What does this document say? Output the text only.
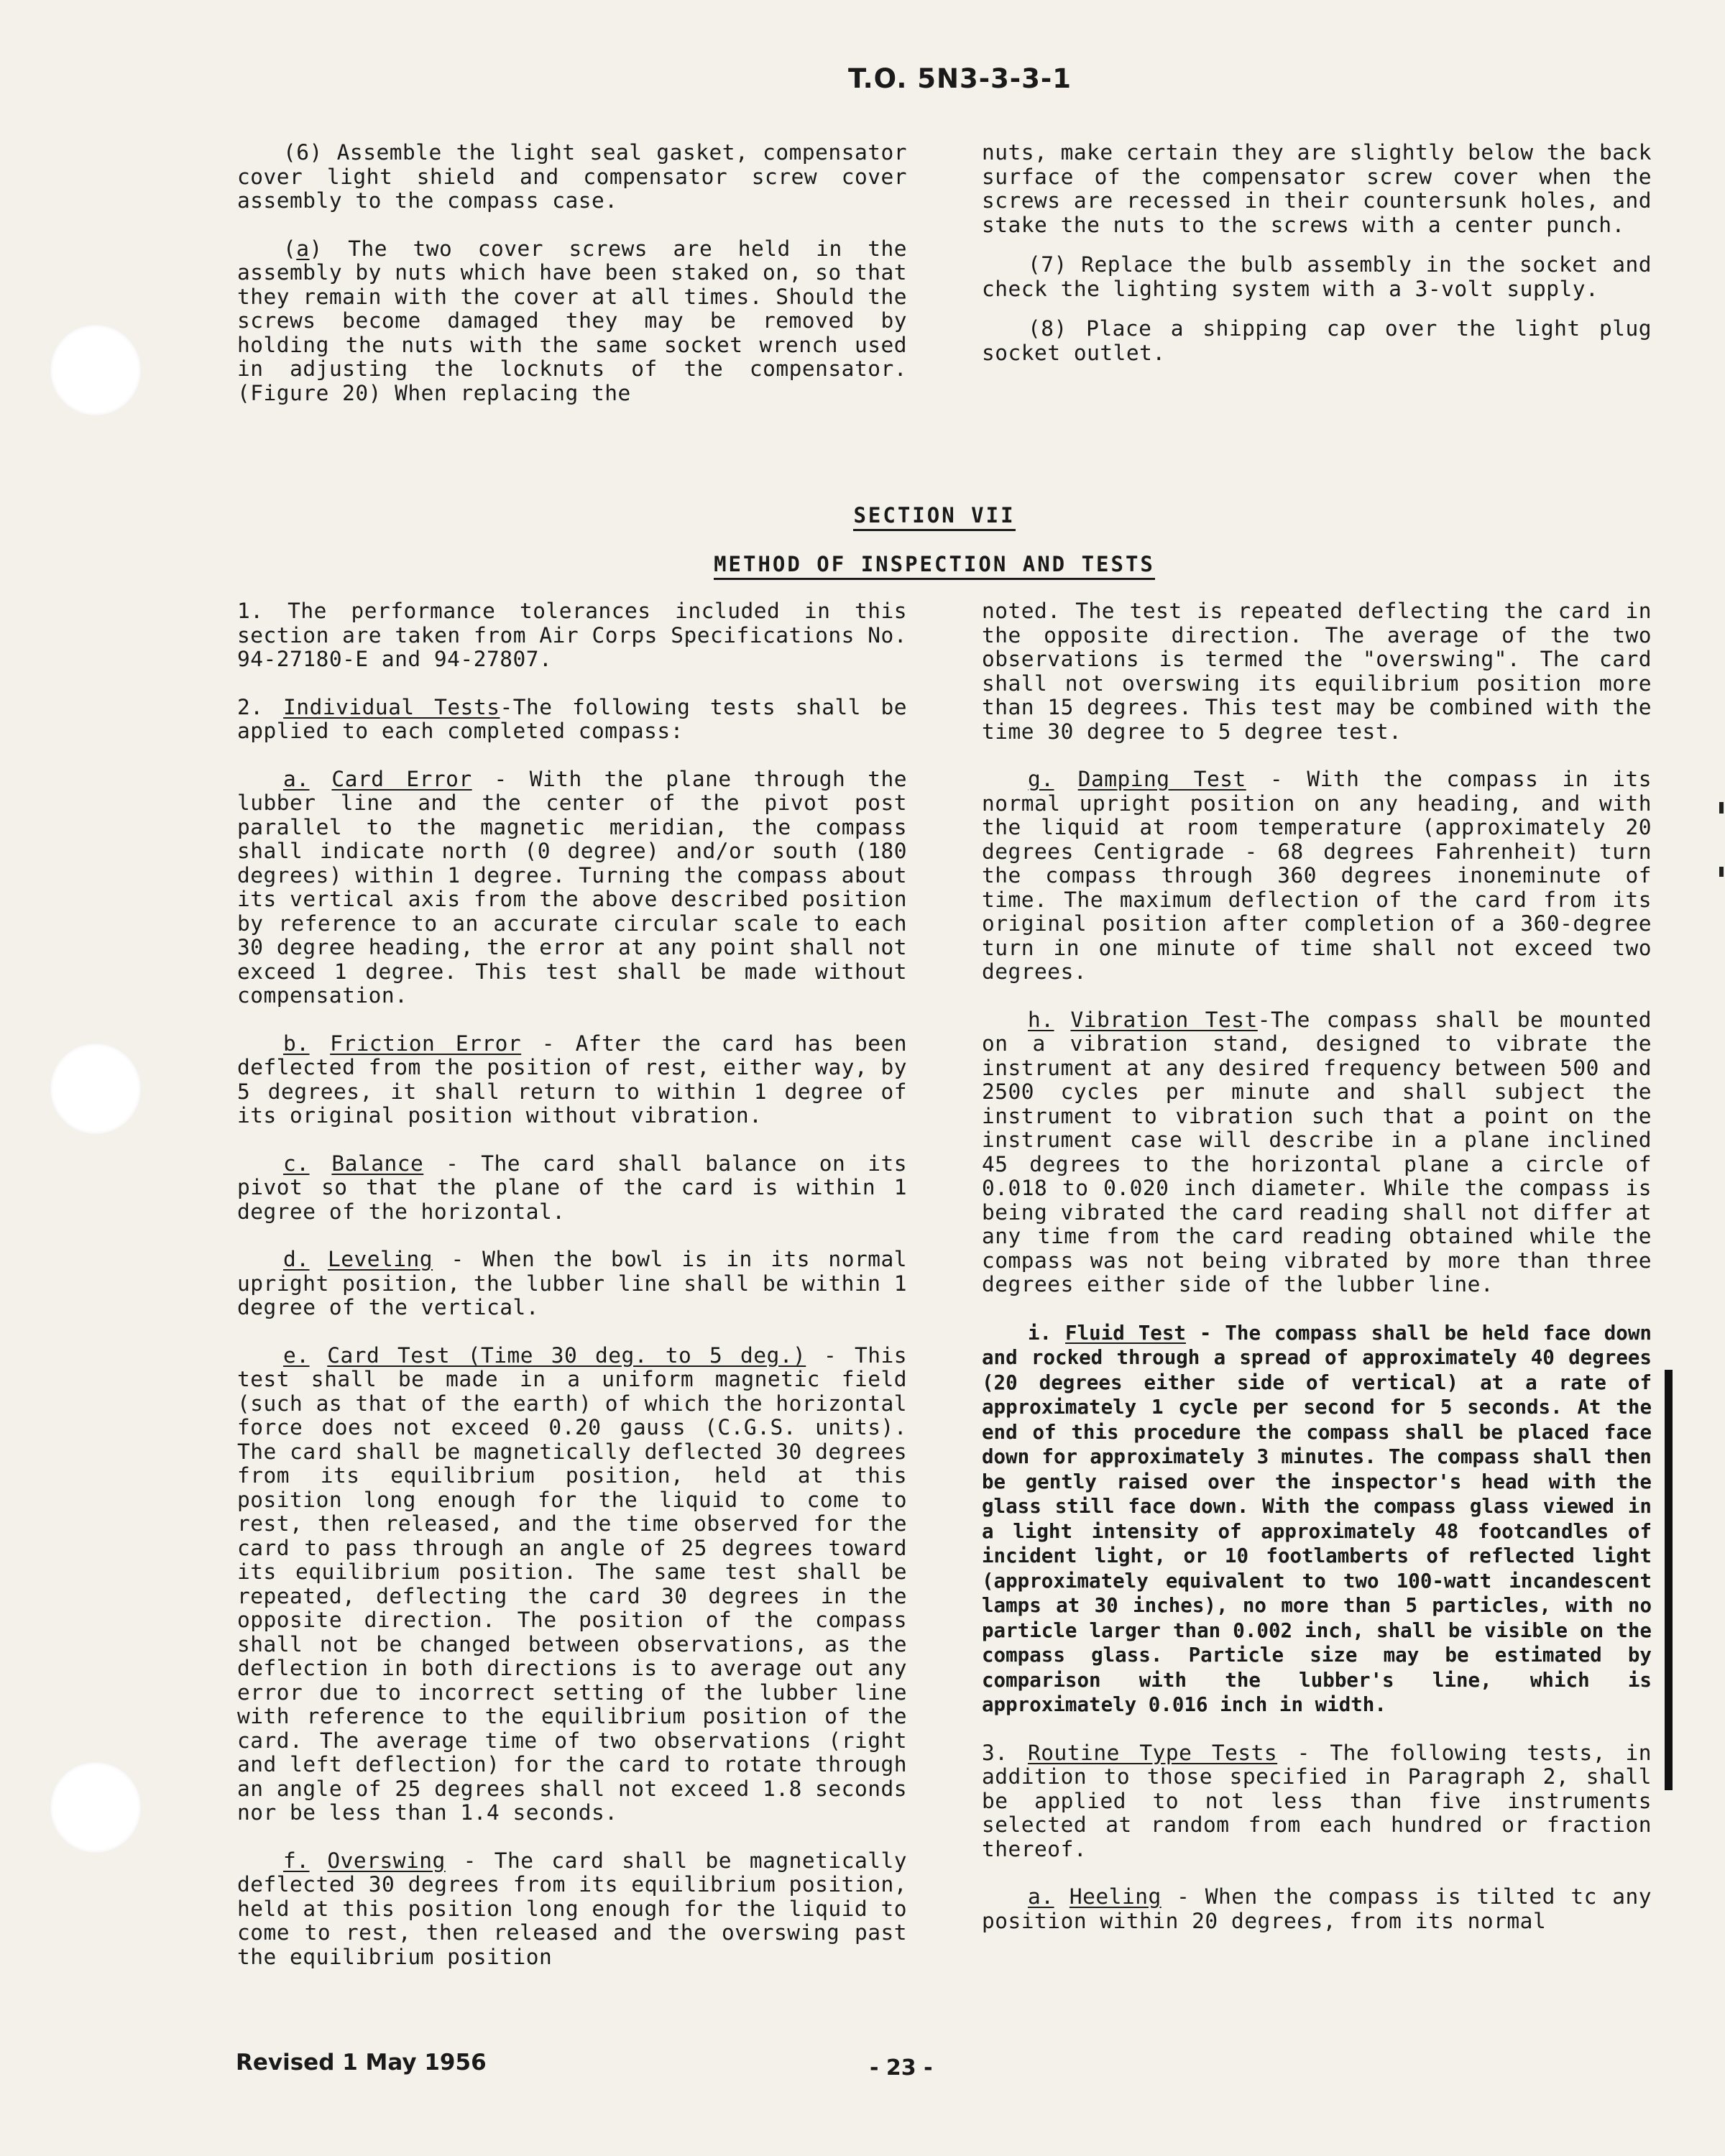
T.O. 5N3-3-3-1

(6) Assemble the light seal gasket, compensator cover light shield and compensator screw cover assembly to the compass case.

(a) The two cover screws are held in the assembly by nuts which have been staked on, so that they remain with the cover at all times. Should the screws become damaged they may be removed by holding the nuts with the same socket wrench used in adjusting the locknuts of the compensator. (Figure 20) When replacing the

nuts, make certain they are slightly below the back surface of the compensator screw cover when the screws are recessed in their countersunk holes, and stake the nuts to the screws with a center punch.

(7) Replace the bulb assembly in the socket and check the lighting system with a 3-volt supply.

(8) Place a shipping cap over the light plug socket outlet.

SECTION VII
METHOD OF INSPECTION AND TESTS

1. The performance tolerances included in this section are taken from Air Corps Specifications No. 94-27180-E and 94-27807.

2. Individual Tests-The following tests shall be applied to each completed compass:

a. Card Error - With the plane through the lubber line and the center of the pivot post parallel to the magnetic meridian, the compass shall indicate north (0 degree) and/or south (180 degrees) within 1 degree. Turning the compass about its vertical axis from the above described position by reference to an accurate circular scale to each 30 degree heading, the error at any point shall not exceed 1 degree. This test shall be made without compensation.

b. Friction Error - After the card has been deflected from the position of rest, either way, by 5 degrees, it shall return to within 1 degree of its original position without vibration.

c. Balance - The card shall balance on its pivot so that the plane of the card is within 1 degree of the horizontal.

d. Leveling - When the bowl is in its normal upright position, the lubber line shall be within 1 degree of the vertical.

e. Card Test (Time 30 deg. to 5 deg.) - This test shall be made in a uniform magnetic field (such as that of the earth) of which the horizontal force does not exceed 0.20 gauss (C.G.S. units). The card shall be magnetically deflected 30 degrees from its equilibrium position, held at this position long enough for the liquid to come to rest, then released, and the time observed for the card to pass through an angle of 25 degrees toward its equilibrium position. The same test shall be repeated, deflecting the card 30 degrees in the opposite direction. The position of the compass shall not be changed between observations, as the deflection in both directions is to average out any error due to incorrect setting of the lubber line with reference to the equilibrium position of the card. The average time of two observations (right and left deflection) for the card to rotate through an angle of 25 degrees shall not exceed 1.8 seconds nor be less than 1.4 seconds.

f. Overswing - The card shall be magnetically deflected 30 degrees from its equilibrium position, held at this position long enough for the liquid to come to rest, then released and the overswing past the equilibrium position

noted. The test is repeated deflecting the card in the opposite direction. The average of the two observations is termed the "overswing". The card shall not overswing its equilibrium position more than 15 degrees. This test may be combined with the time 30 degree to 5 degree test.

g. Damping Test - With the compass in its normal upright position on any heading, and with the liquid at room temperature (approximately 20 degrees Centigrade - 68 degrees Fahrenheit) turn the compass through 360 degrees inoneminute of time. The maximum deflection of the card from its original position after completion of a 360-degree turn in one minute of time shall not exceed two degrees.

h. Vibration Test-The compass shall be mounted on a vibration stand, designed to vibrate the instrument at any desired frequency between 500 and 2500 cycles per minute and shall subject the instrument to vibration such that a point on the instrument case will describe in a plane inclined 45 degrees to the horizontal plane a circle of 0.018 to 0.020 inch diameter. While the compass is being vibrated the card reading shall not differ at any time from the card reading obtained while the compass was not being vibrated by more than three degrees either side of the lubber line.

i. Fluid Test - The compass shall be held face down and rocked through a spread of approximately 40 degrees (20 degrees either side of vertical) at a rate of approximately 1 cycle per second for 5 seconds. At the end of this procedure the compass shall be placed face down for approximately 3 minutes. The compass shall then be gently raised over the inspector's head with the glass still face down. With the compass glass viewed in a light intensity of approximately 48 footcandles of incident light, or 10 footlamberts of reflected light (approximately equivalent to two 100-watt incandescent lamps at 30 inches), no more than 5 particles, with no particle larger than 0.002 inch, shall be visible on the compass glass. Particle size may be estimated by comparison with the lubber's line, which is approximately 0.016 inch in width.

3. Routine Type Tests - The following tests, in addition to those specified in Paragraph 2, shall be applied to not less than five instruments selected at random from each hundred or fraction thereof.

a. Heeling - When the compass is tilted tc any position within 20 degrees, from its normal

Revised 1 May 1956	- 23 -
